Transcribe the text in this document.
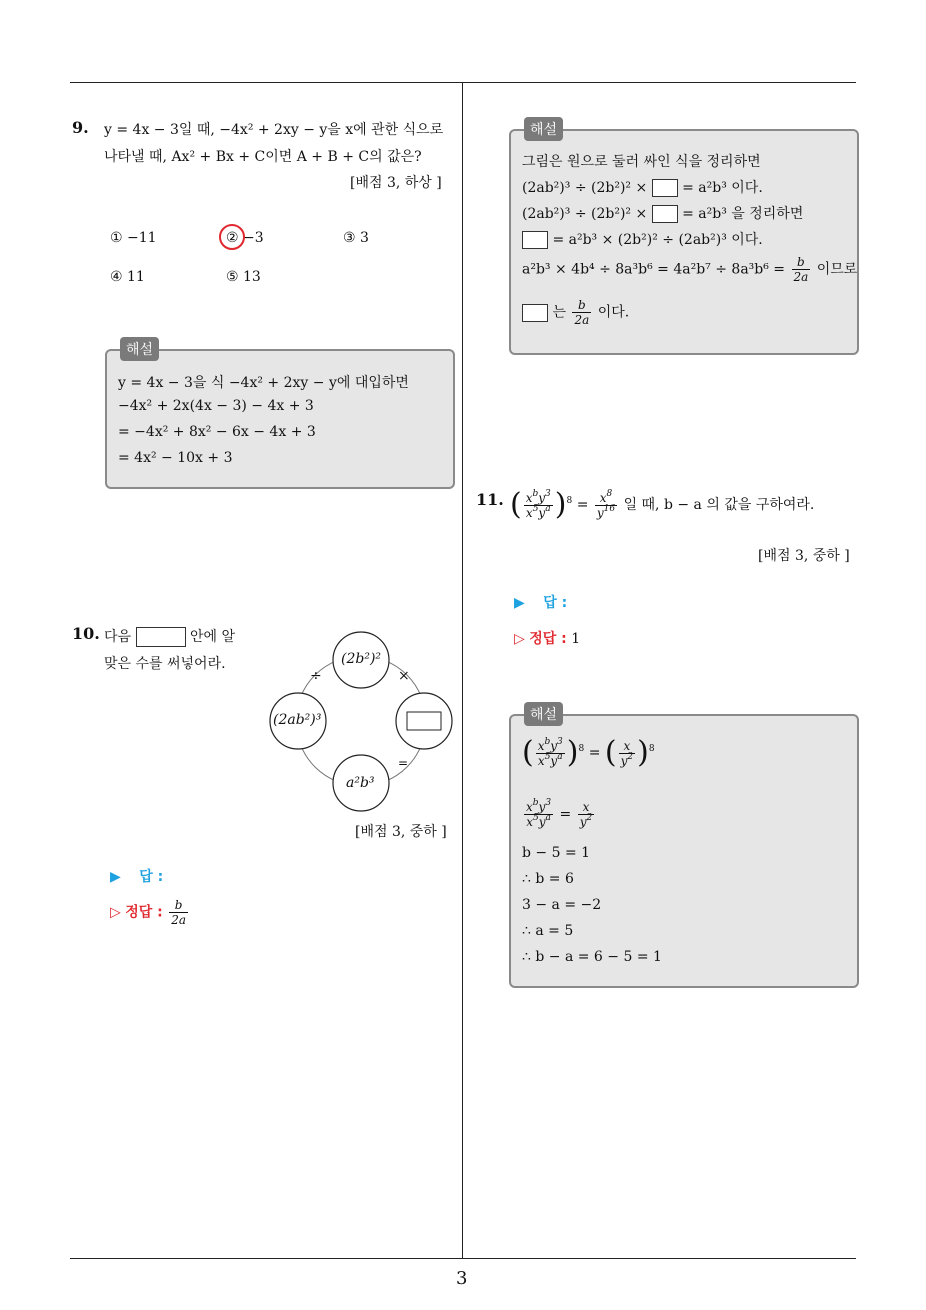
3
9. y = 4x − 3일 때, −4x² + 2xy − y을 x에 관한 식으로
나타낼 때, Ax² + Bx + C이면 A + B + C의 값은?
[배점 3, 하상 ]
① −11	② −3	③ 3
④ 11	⑤ 13
해설
y = 4x − 3을 식 −4x² + 2xy − y에 대입하면
−4x² + 2x(4x − 3) − 4x + 3
= −4x² + 8x² − 6x − 4x + 3
= 4x² − 10x + 3
10. 다음	안에 알
맞은 수를 써넣어라.	(2b²)²
(2ab²)³
a²b³
÷	×
=
[배점 3, 중하 ]
▶ 답 :
▷ 정답 : $\frac{b}{2a}$
해설
그림은 원으로 둘러 싸인 식을 정리하면
(2ab²)³ ÷ (2b²)² × = a²b³ 이다.
(2ab²)³ ÷ (2b²)² × = a²b³ 을 정리하면
= a²b³ × (2b²)² ÷ (2ab²)³ 이다.
$a^2b^3 \times 4b^4 \div 8a^3b^6 = 4a^2b^7 \div 8a^3b^6 = \frac{b}{2a}$ 이므로
는 $\frac{b}{2a}$ 이다.
11. ( $\frac{x^by^3}{x^5y^a} )^8 = \frac{x^8}{y^{16}}$ 일 때, b − a 의 값을 구하여라.
[배점 3, 중하 ]
▶ 답 :
▷ 정답 : 1
해설
( $\frac{x^by^3}{x^5y^a} )^8$ = ( $\frac{x}{y^2} )^8$
$\frac{x^by^3}{x^5y^a} = \frac{x}{y^2}$
b − 5 = 1
∴ b = 6
3 − a = −2
∴ a = 5
∴ b − a = 6 − 5 = 1
